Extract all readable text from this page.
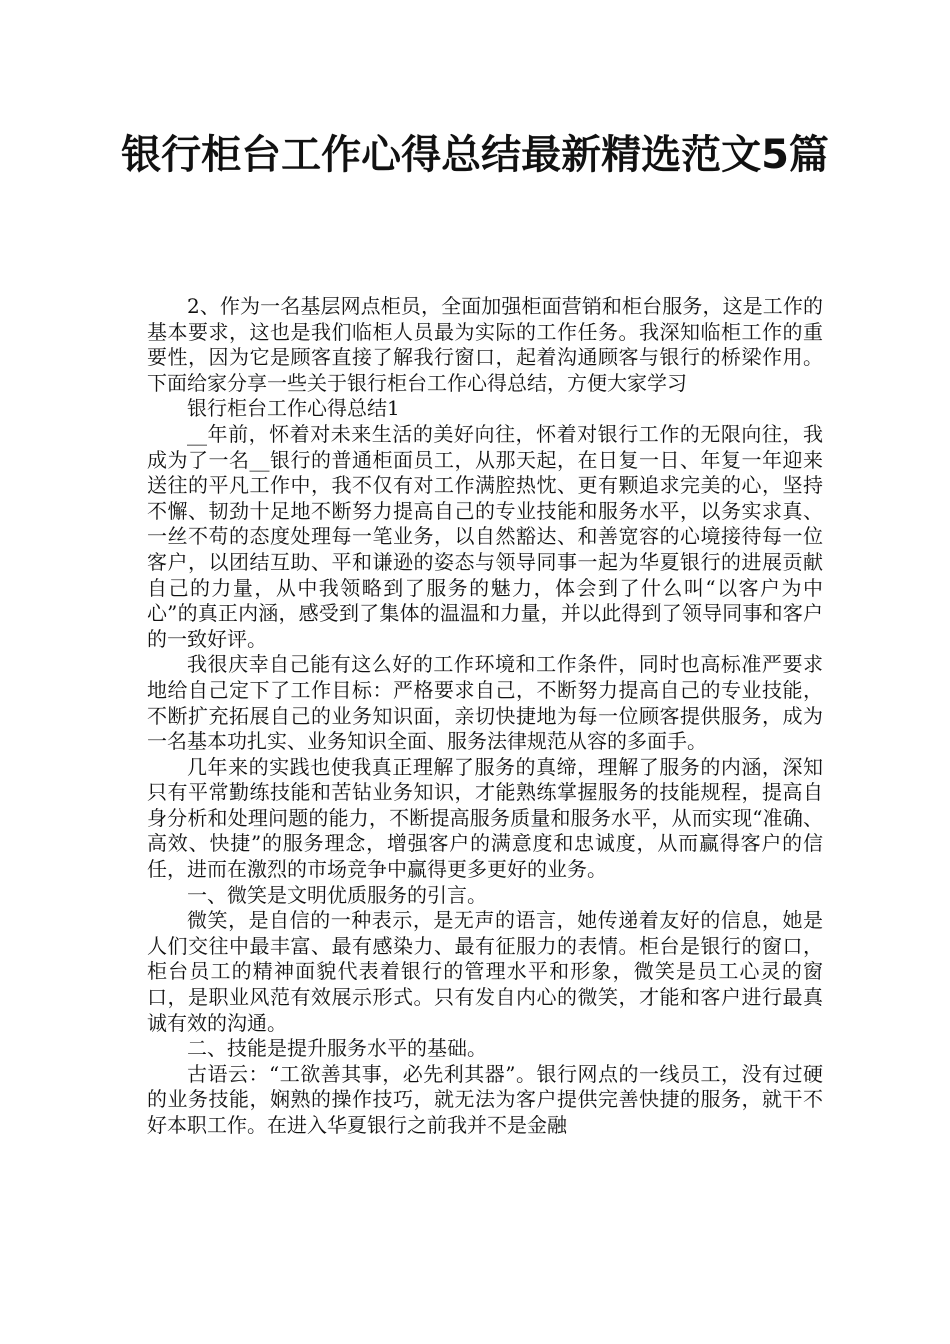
银行柜台工作心得总结最新精选范文5篇

2、作为一名基层网点柜员，全面加强柜面营销和柜台服务，这是工作的基本要求，这也是我们临柜人员最为实际的工作任务。我深知临柜工作的重要性，因为它是顾客直接了解我行窗口，起着沟通顾客与银行的桥梁作用。下面给家分享一些关于银行柜台工作心得总结，方便大家学习

银行柜台工作心得总结1

__年前，怀着对未来生活的美好向往，怀着对银行工作的无限向往，我成为了一名__银行的普通柜面员工，从那天起，在日复一日、年复一年迎来送往的平凡工作中，我不仅有对工作满腔热忱、更有颗追求完美的心，坚持不懈、韧劲十足地不断努力提高自己的专业技能和服务水平，以务实求真、一丝不苟的态度处理每一笔业务，以自然豁达、和善宽容的心境接待每一位客户，以团结互助、平和谦逊的姿态与领导同事一起为华夏银行的进展贡献自己的力量，从中我领略到了服务的魅力，体会到了什么叫“以客户为中心”的真正内涵，感受到了集体的温温和力量，并以此得到了领导同事和客户的一致好评。

我很庆幸自己能有这么好的工作环境和工作条件，同时也高标准严要求地给自己定下了工作目标：严格要求自己，不断努力提高自己的专业技能，不断扩充拓展自己的业务知识面，亲切快捷地为每一位顾客提供服务，成为一名基本功扎实、业务知识全面、服务法律规范从容的多面手。

几年来的实践也使我真正理解了服务的真缔，理解了服务的内涵，深知只有平常勤练技能和苦钻业务知识，才能熟练掌握服务的技能规程，提高自身分析和处理问题的能力，不断提高服务质量和服务水平，从而实现“准确、高效、快捷”的服务理念，增强客户的满意度和忠诚度，从而赢得客户的信任，进而在激烈的市场竞争中赢得更多更好的业务。

一、微笑是文明优质服务的引言。

微笑，是自信的一种表示，是无声的语言，她传递着友好的信息，她是人们交往中最丰富、最有感染力、最有征服力的表情。柜台是银行的窗口，柜台员工的精神面貌代表着银行的管理水平和形象，微笑是员工心灵的窗口，是职业风范有效展示形式。只有发自内心的微笑，才能和客户进行最真诚有效的沟通。

二、技能是提升服务水平的基础。

古语云：“工欲善其事，必先利其器”。银行网点的一线员工，没有过硬的业务技能，娴熟的操作技巧，就无法为客户提供完善快捷的服务，就干不好本职工作。在进入华夏银行之前我并不是金融
